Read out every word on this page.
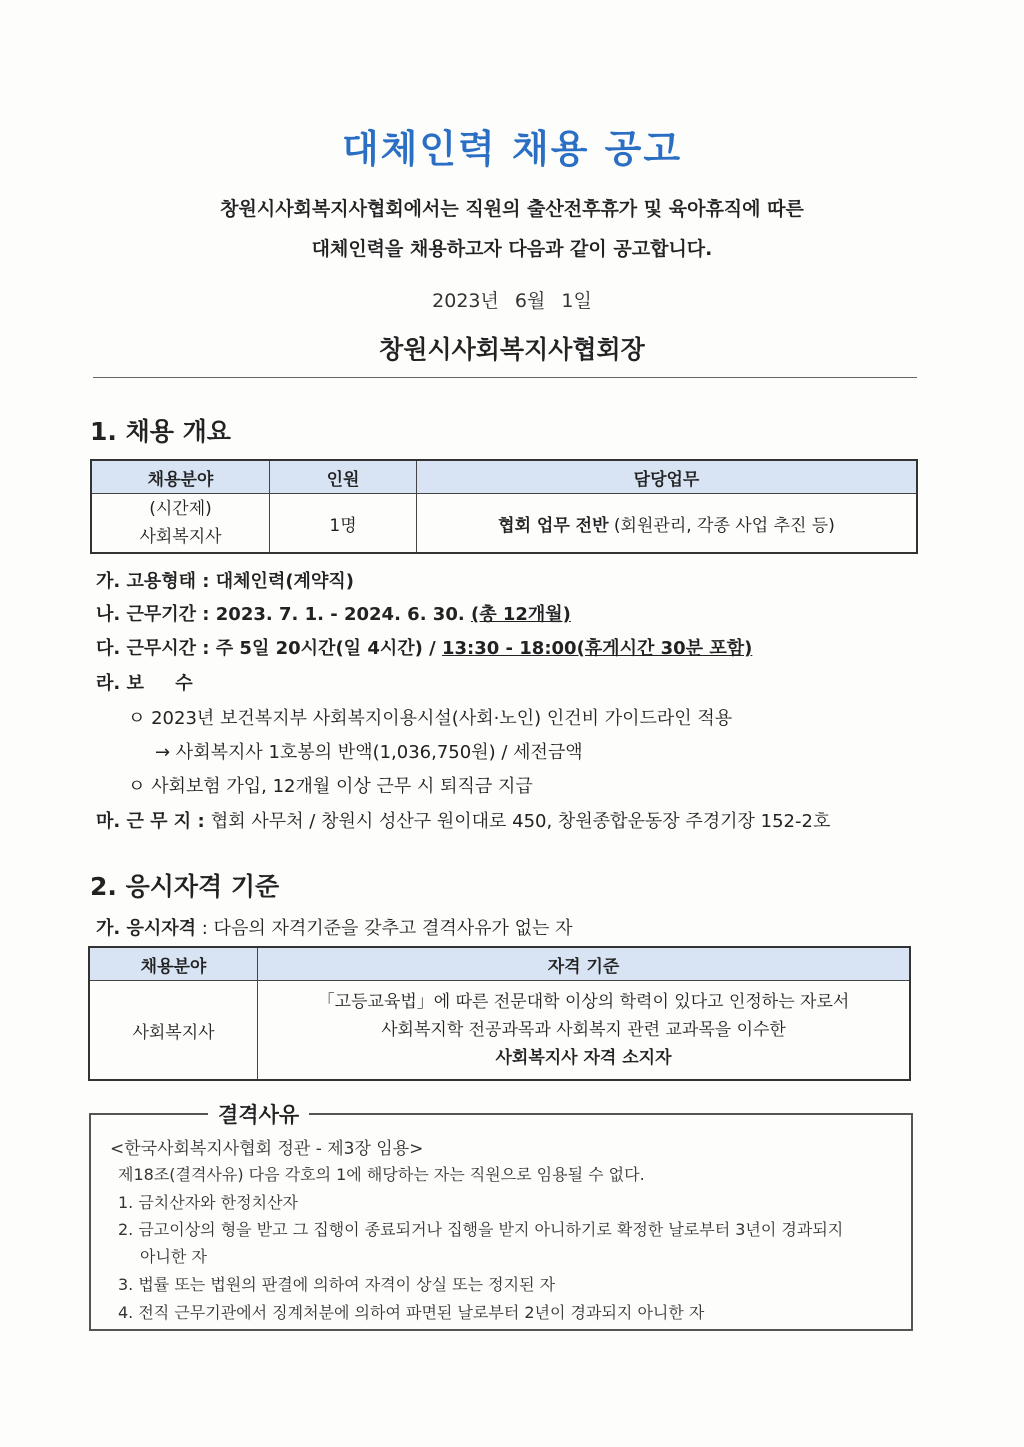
대체인력 채용 공고
창원시사회복지사협회에서는 직원의 출산전후휴가 및 육아휴직에 따른
대체인력을 채용하고자 다음과 같이 공고합니다.
2023년 6월 1일
창원시사회복지사협회장
1. 채용 개요
채용분야	인원	담당업무

(시간제)
사회복지사	1명	협회 업무 전반 (회원관리, 각종 사업 추진 등)
가. 고용형태 : 대체인력(계약직)
나. 근무기간 : 2023. 7. 1. - 2024. 6. 30. (총 12개월)
다. 근무시간 : 주 5일 20시간(일 4시간) / 13:30 - 18:00(휴게시간 30분 포함)
라. 보     수
ㅇ 2023년 보건복지부 사회복지이용시설(사회·노인) 인건비 가이드라인 적용
→ 사회복지사 1호봉의 반액(1,036,750원) / 세전금액
ㅇ 사회보험 가입, 12개월 이상 근무 시 퇴직금 지급
마. 근 무 지 : 협회 사무처 / 창원시 성산구 원이대로 450, 창원종합운동장 주경기장 152-2호
2. 응시자격 기준
가. 응시자격 : 다음의 자격기준을 갖추고 결격사유가 없는 자
채용분야	자격 기준
사회복지사	「고등교육법」에 따른 전문대학 이상의 학력이 있다고 인정하는 자로서
사회복지학 전공과목과 사회복지 관련 교과목을 이수한
사회복지사 자격 소지자
결격사유
<한국사회복지사협회 정관 - 제3장 임용>
제18조(결격사유) 다음 각호의 1에 해당하는 자는 직원으로 임용될 수 없다.
1. 금치산자와 한정치산자
2. 금고이상의 형을 받고 그 집행이 종료되거나 집행을 받지 아니하기로 확정한 날로부터 3년이 경과되지
아니한 자
3. 법률 또는 법원의 판결에 의하여 자격이 상실 또는 정지된 자
4. 전직 근무기관에서 징계처분에 의하여 파면된 날로부터 2년이 경과되지 아니한 자
